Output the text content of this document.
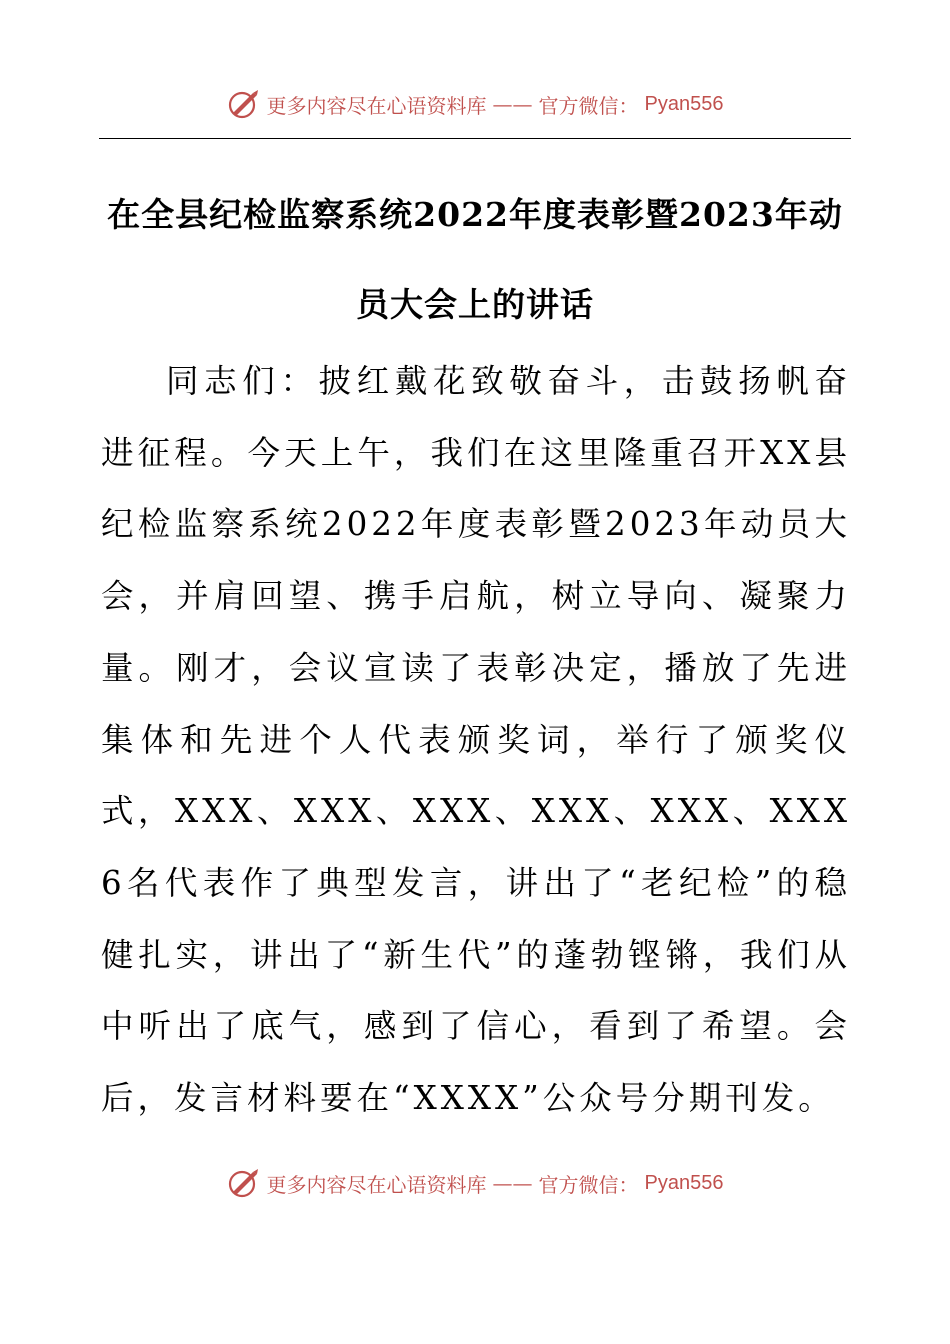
更多内容尽在心语资料库 —— 官方微信： Pyan556
在全县纪检监察系统2022年度表彰暨2023年动员大会上的讲话

同志们：披红戴花致敬奋斗，击鼓扬帆奋进征程。今天上午，我们在这里隆重召开XX县纪检监察系统2022年度表彰暨2023年动员大会，并肩回望、携手启航，树立导向、凝聚力量。刚才，会议宣读了表彰决定，播放了先进集体和先进个人代表颁奖词，举行了颁奖仪式，XXX、XXX、XXX、XXX、XXX、XXX 6名代表作了典型发言，讲出了“老纪检”的稳健扎实，讲出了“新生代”的蓬勃铿锵，我们从中听出了底气，感到了信心，看到了希望。会后，发言材料要在“XXXX”公众号分期刊发。

更多内容尽在心语资料库 —— 官方微信： Pyan556
